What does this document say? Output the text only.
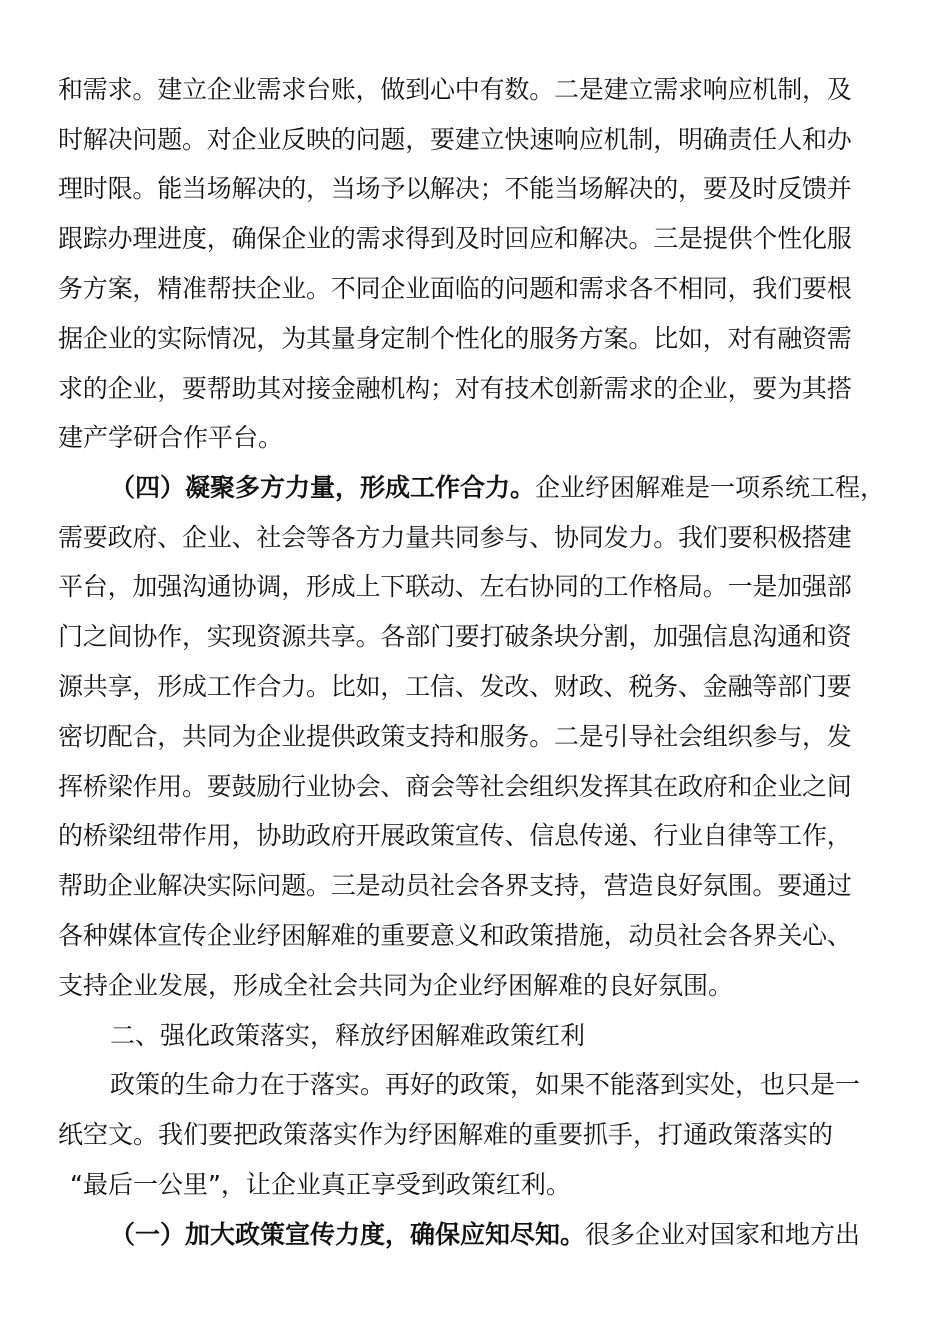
和需求。建立企业需求台账，做到心中有数。二是建立需求响应机制，及
时解决问题。对企业反映的问题，要建立快速响应机制，明确责任人和办
理时限。能当场解决的，当场予以解决；不能当场解决的，要及时反馈并
跟踪办理进度，确保企业的需求得到及时回应和解决。三是提供个性化服
务方案，精准帮扶企业。不同企业面临的问题和需求各不相同，我们要根
据企业的实际情况，为其量身定制个性化的服务方案。比如，对有融资需
求的企业，要帮助其对接金融机构；对有技术创新需求的企业，要为其搭
建产学研合作平台。
（四）凝聚多方力量，形成工作合力。企业纾困解难是一项系统工程，
需要政府、企业、社会等各方力量共同参与、协同发力。我们要积极搭建
平台，加强沟通协调，形成上下联动、左右协同的工作格局。一是加强部
门之间协作，实现资源共享。各部门要打破条块分割，加强信息沟通和资
源共享，形成工作合力。比如，工信、发改、财政、税务、金融等部门要
密切配合，共同为企业提供政策支持和服务。二是引导社会组织参与，发
挥桥梁作用。要鼓励行业协会、商会等社会组织发挥其在政府和企业之间
的桥梁纽带作用，协助政府开展政策宣传、信息传递、行业自律等工作，
帮助企业解决实际问题。三是动员社会各界支持，营造良好氛围。要通过
各种媒体宣传企业纾困解难的重要意义和政策措施，动员社会各界关心、
支持企业发展，形成全社会共同为企业纾困解难的良好氛围。
二、强化政策落实，释放纾困解难政策红利
政策的生命力在于落实。再好的政策，如果不能落到实处，也只是一
纸空文。我们要把政策落实作为纾困解难的重要抓手，打通政策落实的
“最后一公里”，让企业真正享受到政策红利。
（一）加大政策宣传力度，确保应知尽知。很多企业对国家和地方出
